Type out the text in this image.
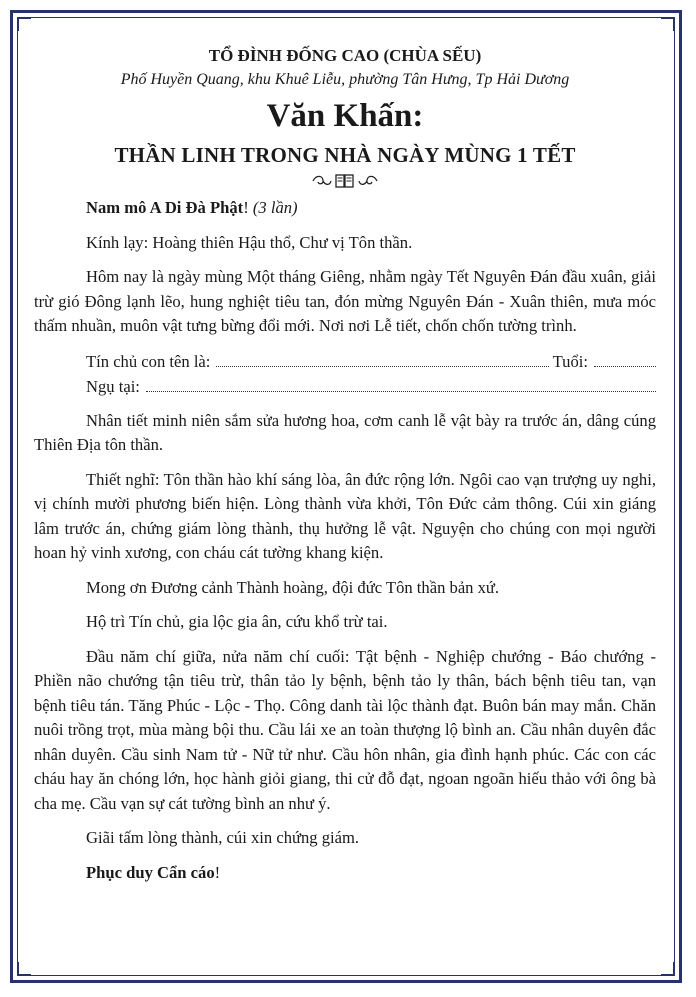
TỔ ĐÌNH ĐỐNG CAO (CHÙA SẾU)

Phố Huyền Quang, khu Khuê Liễu, phường Tân Hưng, Tp Hải Dương

Văn Khấn:

THẦN LINH TRONG NHÀ NGÀY MÙNG 1 TẾT

Nam mô A Di Đà Phật! (3 lần)

Kính lạy: Hoàng thiên Hậu thổ, Chư vị Tôn thần.

Hôm nay là ngày mùng Một tháng Giêng, nhằm ngày Tết Nguyên Đán đầu xuân, giải trừ gió Đông lạnh lẽo, hung nghiệt tiêu tan, đón mừng Nguyên Đán - Xuân thiên, mưa móc thấm nhuần, muôn vật tưng bừng đổi mới. Nơi nơi Lễ tiết, chốn chốn tường trình.

Tín chủ con tên là:	Tuổi:
Ngụ tại:

Nhân tiết minh niên sắm sửa hương hoa, cơm canh lễ vật bày ra trước án, dâng cúng Thiên Địa tôn thần.

Thiết nghĩ: Tôn thần hào khí sáng lòa, ân đức rộng lớn. Ngôi cao vạn trượng uy nghi, vị chính mười phương biến hiện. Lòng thành vừa khởi, Tôn Đức cảm thông. Cúi xin giáng lâm trước án, chứng giám lòng thành, thụ hưởng lễ vật. Nguyện cho chúng con mọi người hoan hỷ vinh xương, con cháu cát tường khang kiện.

Mong ơn Đương cảnh Thành hoàng, đội đức Tôn thần bản xứ.

Hộ trì Tín chủ, gia lộc gia ân, cứu khổ trừ tai.

Đầu năm chí giữa, nửa năm chí cuối: Tật bệnh - Nghiệp chướng - Báo chướng - Phiền não chướng tận tiêu trừ, thân tảo ly bệnh, bệnh tảo ly thân, bách bệnh tiêu tan, vạn bệnh tiêu tán. Tăng Phúc - Lộc - Thọ. Công danh tài lộc thành đạt. Buôn bán may mắn. Chăn nuôi trồng trọt, mùa màng bội thu. Cầu lái xe an toàn thượng lộ bình an. Cầu nhân duyên đắc nhân duyên. Cầu sinh Nam tử - Nữ tử như. Cầu hôn nhân, gia đình hạnh phúc. Các con các cháu hay ăn chóng lớn, học hành giỏi giang, thi cử đỗ đạt, ngoan ngoãn hiếu thảo với ông bà cha mẹ. Cầu vạn sự cát tường bình an như ý.

Giãi tấm lòng thành, cúi xin chứng giám.

Phục duy Cẩn cáo!
